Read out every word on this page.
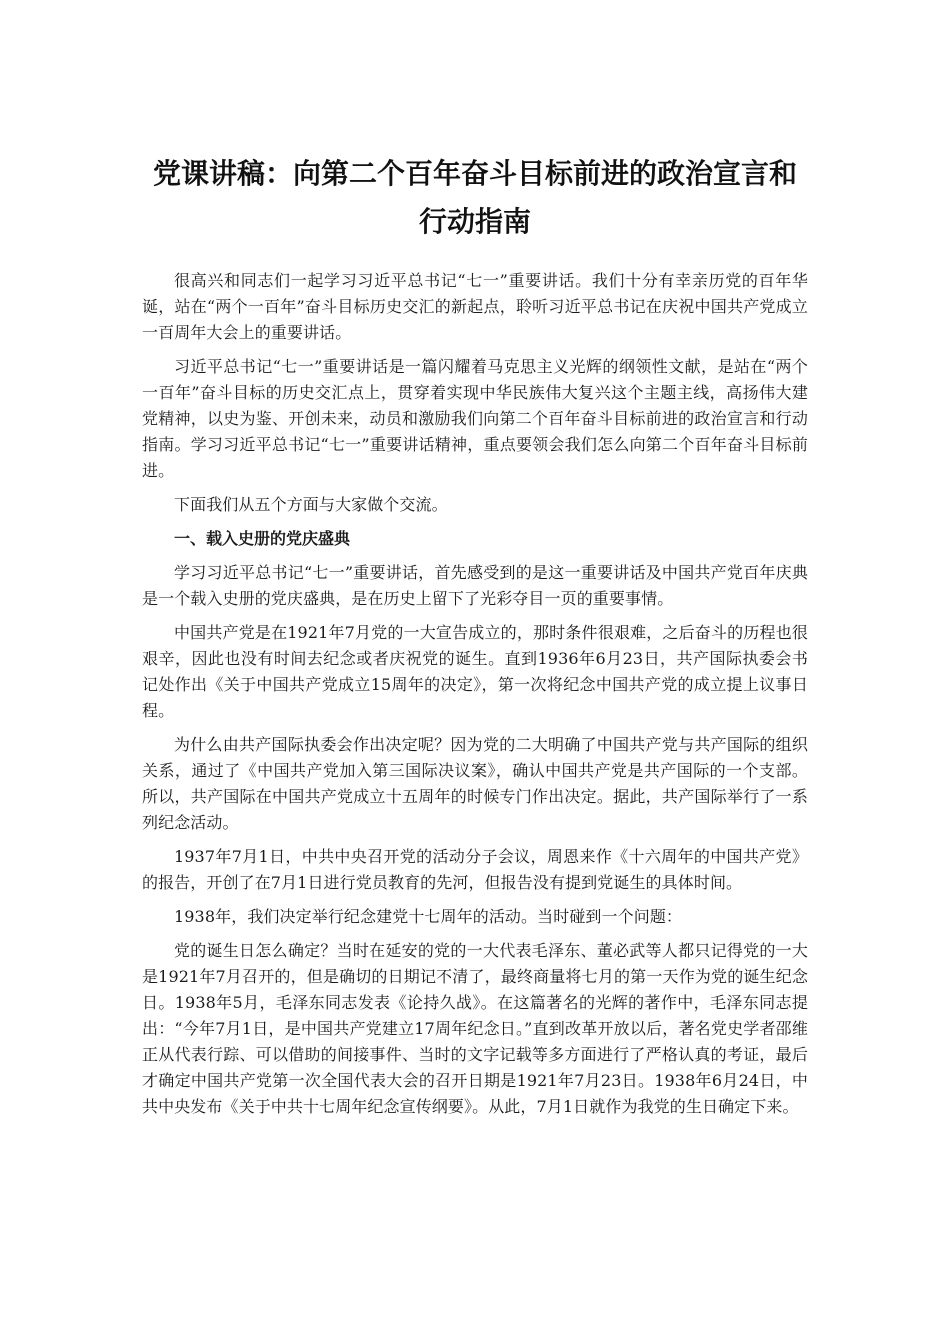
党课讲稿：向第二个百年奋斗目标前进的政治宣言和行动指南

很高兴和同志们一起学习习近平总书记“七一”重要讲话。我们十分有幸亲历党的百年华诞，站在“两个一百年”奋斗目标历史交汇的新起点，聆听习近平总书记在庆祝中国共产党成立一百周年大会上的重要讲话。

习近平总书记“七一”重要讲话是一篇闪耀着马克思主义光辉的纲领性文献，是站在“两个一百年”奋斗目标的历史交汇点上，贯穿着实现中华民族伟大复兴这个主题主线，高扬伟大建党精神，以史为鉴、开创未来，动员和激励我们向第二个百年奋斗目标前进的政治宣言和行动指南。学习习近平总书记“七一”重要讲话精神，重点要领会我们怎么向第二个百年奋斗目标前进。

下面我们从五个方面与大家做个交流。

一、载入史册的党庆盛典

学习习近平总书记“七一”重要讲话，首先感受到的是这一重要讲话及中国共产党百年庆典是一个载入史册的党庆盛典，是在历史上留下了光彩夺目一页的重要事情。

中国共产党是在1921年7月党的一大宣告成立的，那时条件很艰难，之后奋斗的历程也很艰辛，因此也没有时间去纪念或者庆祝党的诞生。直到1936年6月23日，共产国际执委会书记处作出《关于中国共产党成立15周年的决定》，第一次将纪念中国共产党的成立提上议事日程。

为什么由共产国际执委会作出决定呢？因为党的二大明确了中国共产党与共产国际的组织关系，通过了《中国共产党加入第三国际决议案》，确认中国共产党是共产国际的一个支部。所以，共产国际在中国共产党成立十五周年的时候专门作出决定。据此，共产国际举行了一系列纪念活动。

1937年7月1日，中共中央召开党的活动分子会议，周恩来作《十六周年的中国共产党》的报告，开创了在7月1日进行党员教育的先河，但报告没有提到党诞生的具体时间。

1938年，我们决定举行纪念建党十七周年的活动。当时碰到一个问题：

党的诞生日怎么确定？当时在延安的党的一大代表毛泽东、董必武等人都只记得党的一大是1921年7月召开的，但是确切的日期记不清了，最终商量将七月的第一天作为党的诞生纪念日。1938年5月，毛泽东同志发表《论持久战》。在这篇著名的光辉的著作中，毛泽东同志提出：“今年7月1日，是中国共产党建立17周年纪念日。”直到改革开放以后，著名党史学者邵维正从代表行踪、可以借助的间接事件、当时的文字记载等多方面进行了严格认真的考证，最后才确定中国共产党第一次全国代表大会的召开日期是1921年7月23日。1938年6月24日，中共中央发布《关于中共十七周年纪念宣传纲要》。从此，7月1日就作为我党的生日确定下来。
